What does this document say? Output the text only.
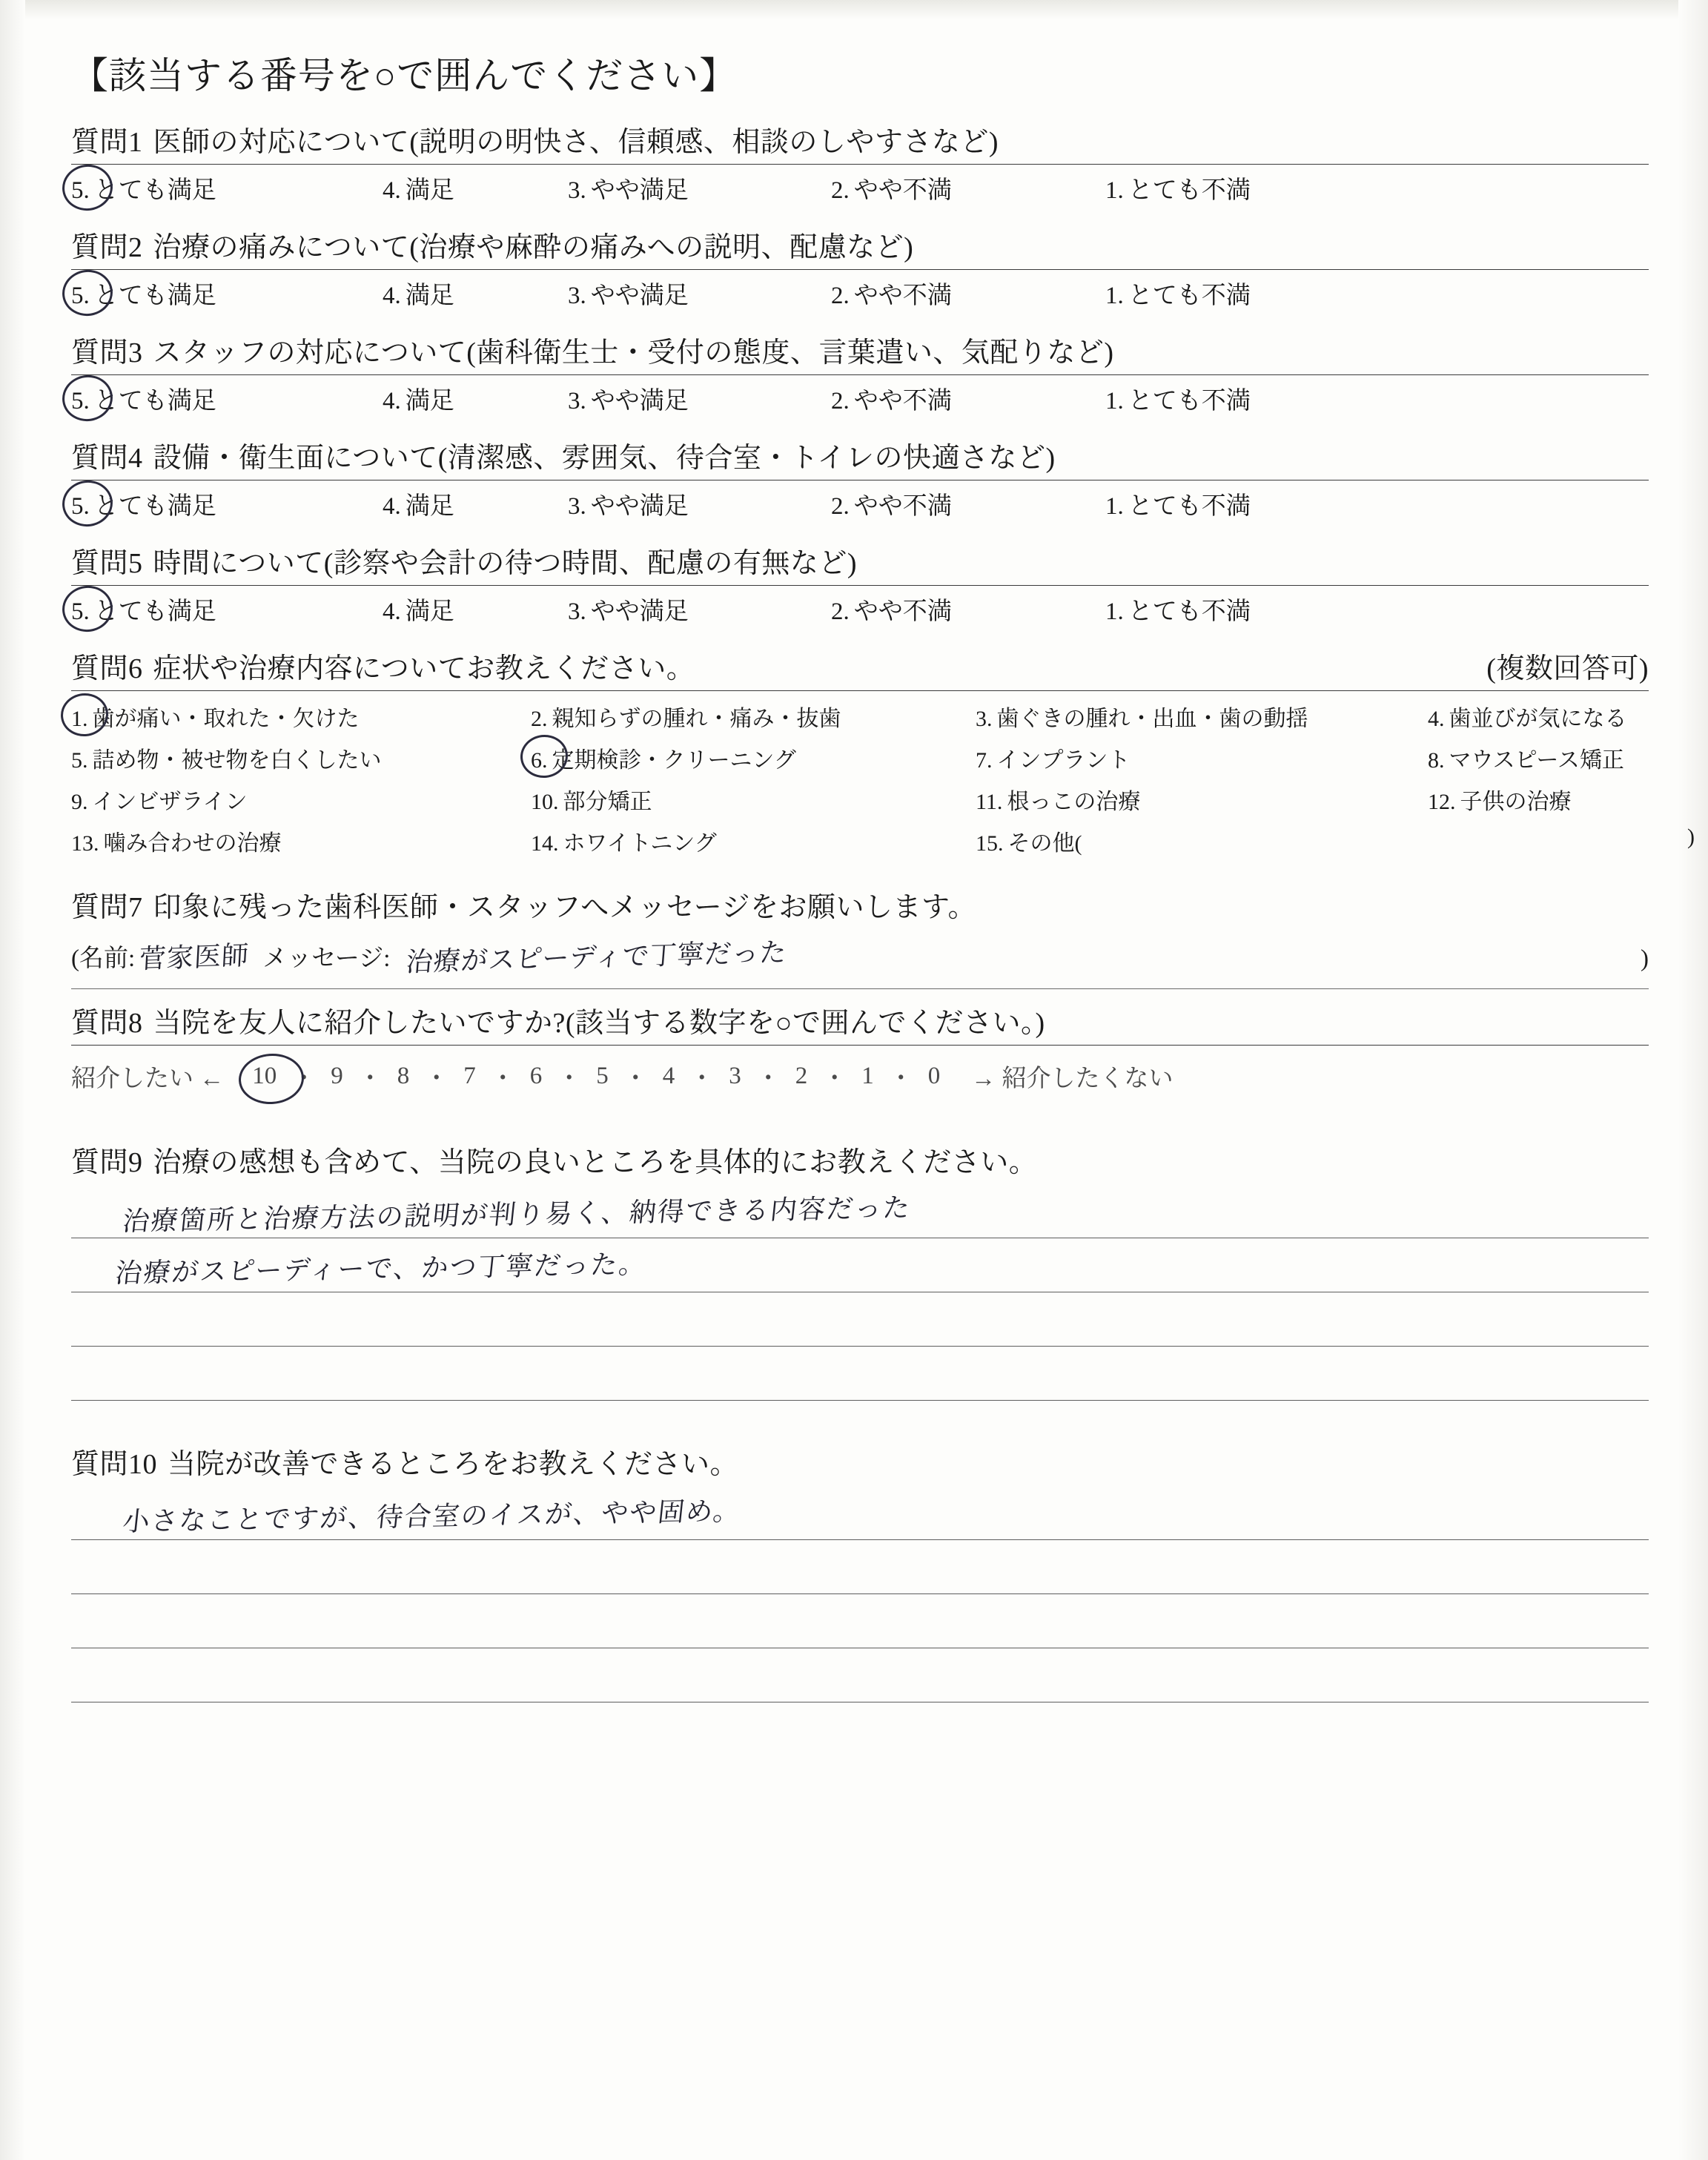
【該当する番号を○で囲んでください】
質問1 医師の対応について(説明の明快さ、信頼感、相談のしやすさなど)
5. とても満足	4. 満足	3. やや満足	2. やや不満	1. とても不満
質問2 治療の痛みについて(治療や麻酔の痛みへの説明、配慮など)
5. とても満足	4. 満足	3. やや満足	2. やや不満	1. とても不満
質問3 スタッフの対応について(歯科衛生士・受付の態度、言葉遣い、気配りなど)
5. とても満足	4. 満足	3. やや満足	2. やや不満	1. とても不満
質問4 設備・衛生面について(清潔感、雰囲気、待合室・トイレの快適さなど)
5. とても満足	4. 満足	3. やや満足	2. やや不満	1. とても不満
質問5 時間について(診察や会計の待つ時間、配慮の有無など)
5. とても満足	4. 満足	3. やや満足	2. やや不満	1. とても不満
質問6 症状や治療内容についてお教えください。	(複数回答可)
1. 歯が痛い・取れた・欠けた	2. 親知らずの腫れ・痛み・抜歯	3. 歯ぐきの腫れ・出血・歯の動揺	4. 歯並びが気になる
5. 詰め物・被せ物を白くしたい	6. 定期検診・クリーニング	7. インプラント	8. マウスピース矯正
9. インビザライン	10. 部分矯正	11. 根っこの治療	12. 子供の治療
13. 噛み合わせの治療	14. ホワイトニング	15. その他(	)
質問7 印象に残った歯科医師・スタッフへメッセージをお願いします。
(名前: 菅家医師 メッセージ: 治療がスピーディで丁寧だった	)
質問8 当院を友人に紹介したいですか?(該当する数字を○で囲んでください。)
紹介したい ←	10 ・ 9 ・ 8 ・ 7 ・ 6 ・ 5 ・ 4 ・ 3 ・ 2 ・ 1 ・ 0	→ 紹介したくない
質問9 治療の感想も含めて、当院の良いところを具体的にお教えください。
治療箇所と治療方法の説明が判り易く、納得できる内容だった
治療がスピーディーで、かつ丁寧だった。
質問10 当院が改善できるところをお教えください。
小さなことですが、待合室のイスが、やや固め。
